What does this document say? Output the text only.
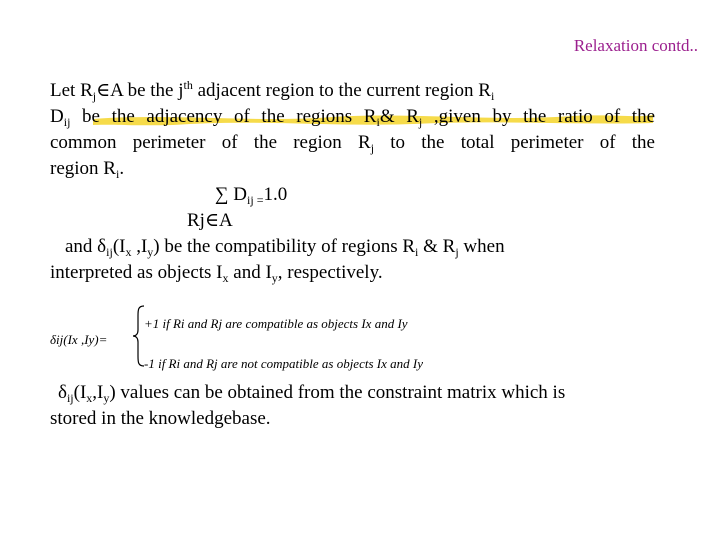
Relaxation contd..
Let $R_j\in A$ be the $j^{th}$ adjacent region to the current region $R_i$
$D_{ij}$ be the adjacency of the regions $R_i\&$ $R_j$ ,given by the ratio of the
common perimeter of the region $R_j$ to the total perimeter of the
region $R_i$.
∑ $D_{ij =}1.0$
Rj∈A
and $\delta_{ij}(I_x$ $,I_y$) be the compatibility of regions $R_i$ & $R_j$ when
interpreted as objects $I_x$ and $I_y$, respectively.
δij(Ix ,Iy)=
+1 if Ri and Rj are compatible as objects Ix and Iy
-1 if Ri and Rj are not compatible as objects Ix and Iy
$\delta_{ij}(I_x,I_y)$ values can be obtained from the constraint matrix which is
stored in the knowledgebase.
